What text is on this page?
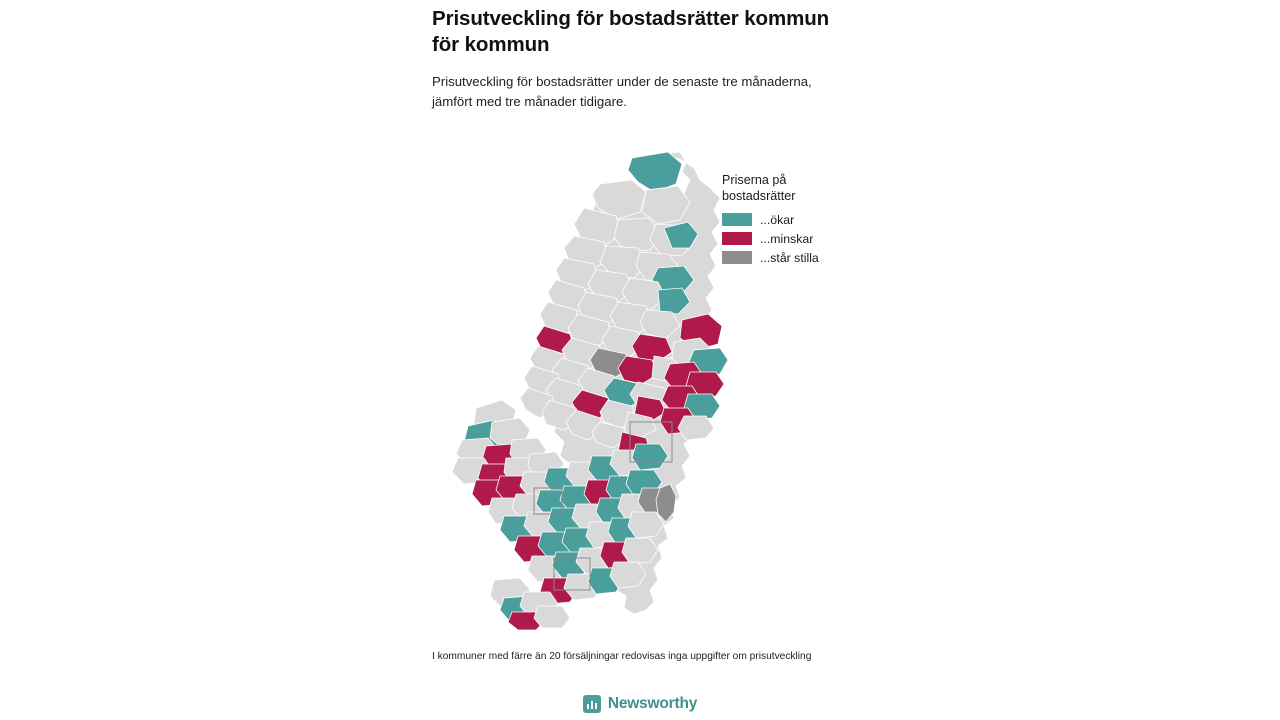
Prisutveckling för bostadsrätter kommun för kommun

Prisutveckling för bostadsrätter under de senaste tre månaderna, jämfört med tre månader tidigare.

Priserna på bostadsrätter
...ökar
...minskar
...står stilla
I kommuner med färre än 20 försäljningar redovisas inga uppgifter om prisutveckling
Newsworthy
